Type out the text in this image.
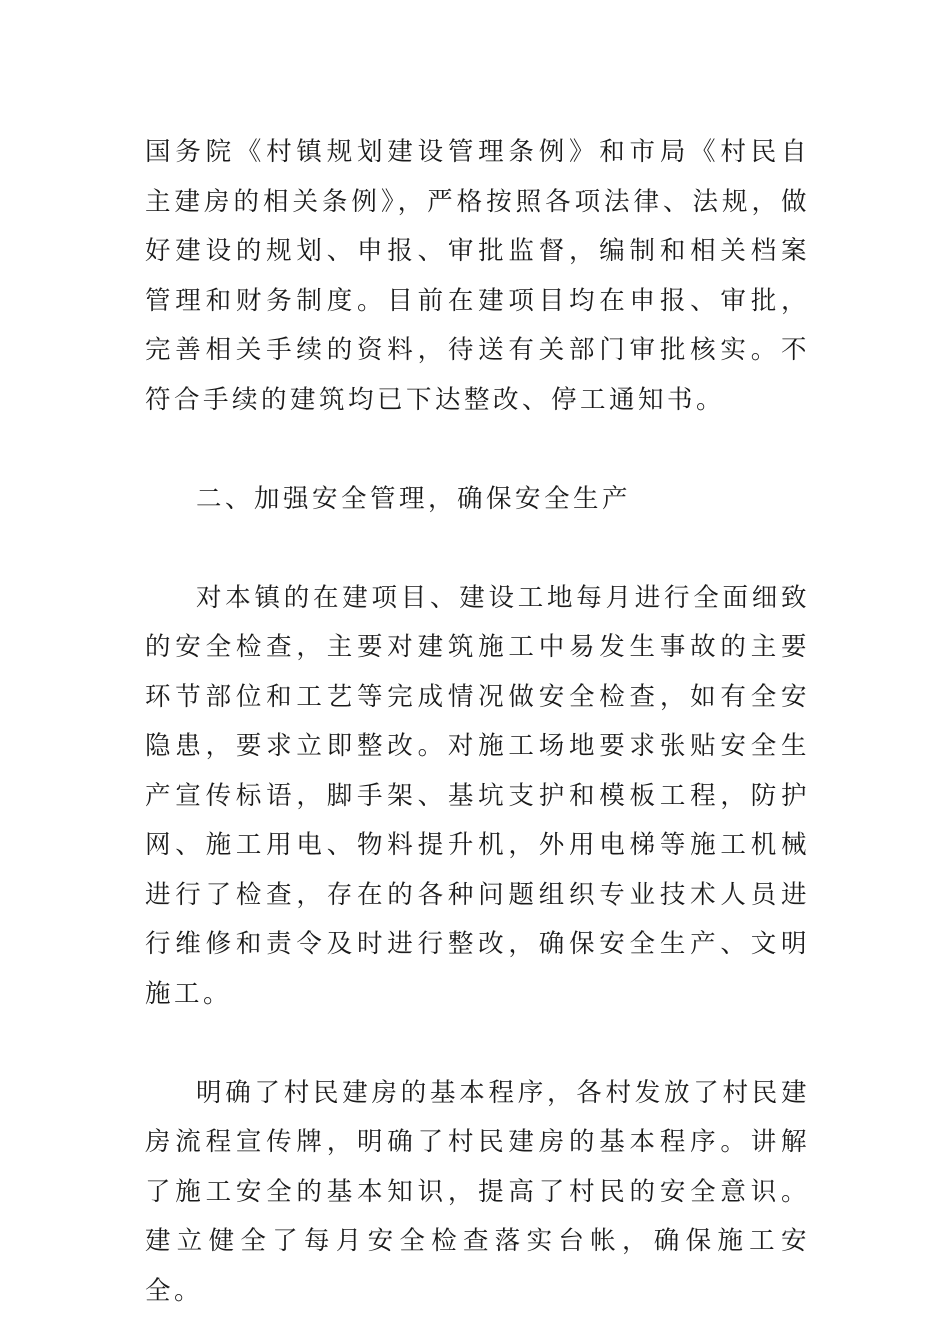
国务院《村镇规划建设管理条例》和市局《村民自主建房的相关条例》，严格按照各项法律、法规，做好建设的规划、申报、审批监督，编制和相关档案管理和财务制度。目前在建项目均在申报、审批，完善相关手续的资料，待送有关部门审批核实。不符合手续的建筑均已下达整改、停工通知书。

二、加强安全管理，确保安全生产

对本镇的在建项目、建设工地每月进行全面细致的安全检查，主要对建筑施工中易发生事故的主要环节部位和工艺等完成情况做安全检查，如有全安隐患，要求立即整改。对施工场地要求张贴安全生产宣传标语，脚手架、基坑支护和模板工程，防护网、施工用电、物料提升机，外用电梯等施工机械进行了检查，存在的各种问题组织专业技术人员进行维修和责令及时进行整改，确保安全生产、文明施工。

明确了村民建房的基本程序，各村发放了村民建房流程宣传牌，明确了村民建房的基本程序。讲解了施工安全的基本知识，提高了村民的安全意识。建立健全了每月安全检查落实台帐，确保施工安全。
